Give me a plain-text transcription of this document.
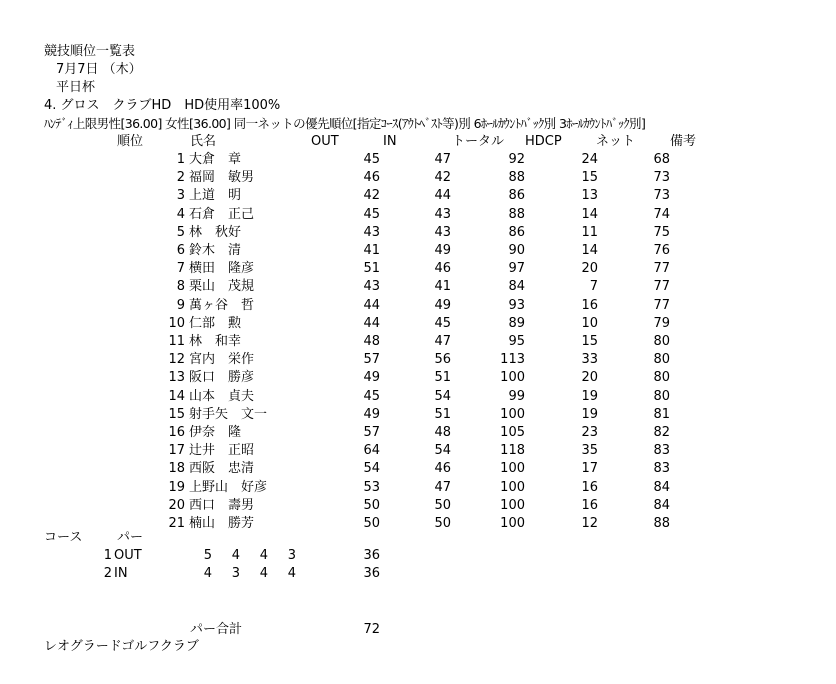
競技順位一覧表
7月7日 （木）
平日杯
4. グロス　クラブHD　HD使用率100%
ﾊﾝﾃﾞｨ上限男性[36.00] 女性[36.00] 同一ネットの優先順位[指定ｺｰｽ(ｱｳﾄﾍﾞｽﾄ等)別 6ﾎｰﾙｶｳﾝﾄﾊﾞｯｸ別 3ﾎｰﾙｶｳﾝﾄﾊﾞｯｸ別]
順位	氏名	OUT	IN	トータル HDCP	ネット	備考
1 大倉　章	45	47	92	24	68
2 福岡　敏男	46	42	88	15	73
3 上道　明	42	44	86	13	73
4 石倉　正己	45	43	88	14	74
5 林　秋好	43	43	86	11	75
6 鈴木　清	41	49	90	14	76
7 横田　隆彦	51	46	97	20	77
8 栗山　茂規	43	41	84	7	77
9 萬ヶ谷　哲	44	49	93	16	77
10 仁部　勲	44	45	89	10	79
11 林　和幸	48	47	95	15	80
12 宮内　栄作	57	56	113	33	80
13 阪口　勝彦	49	51	100	20	80
14 山本　貞夫	45	54	99	19	80
15 射手矢　文一	49	51	100	19	81
16 伊奈　隆	57	48	105	23	82
17 辻井　正昭	64	54	118	35	83
18 西阪　忠清	54	46	100	17	83
19 上野山　好彦	53	47	100	16	84
20 西口　壽男	50	50	100	16	84
21 楠山　勝芳	50	50	100	12	88
コース	パー
1 OUT	5	4	4	3	36
2 IN	4	3	4	4	36
パー合計	72
レオグラードゴルフクラブ
